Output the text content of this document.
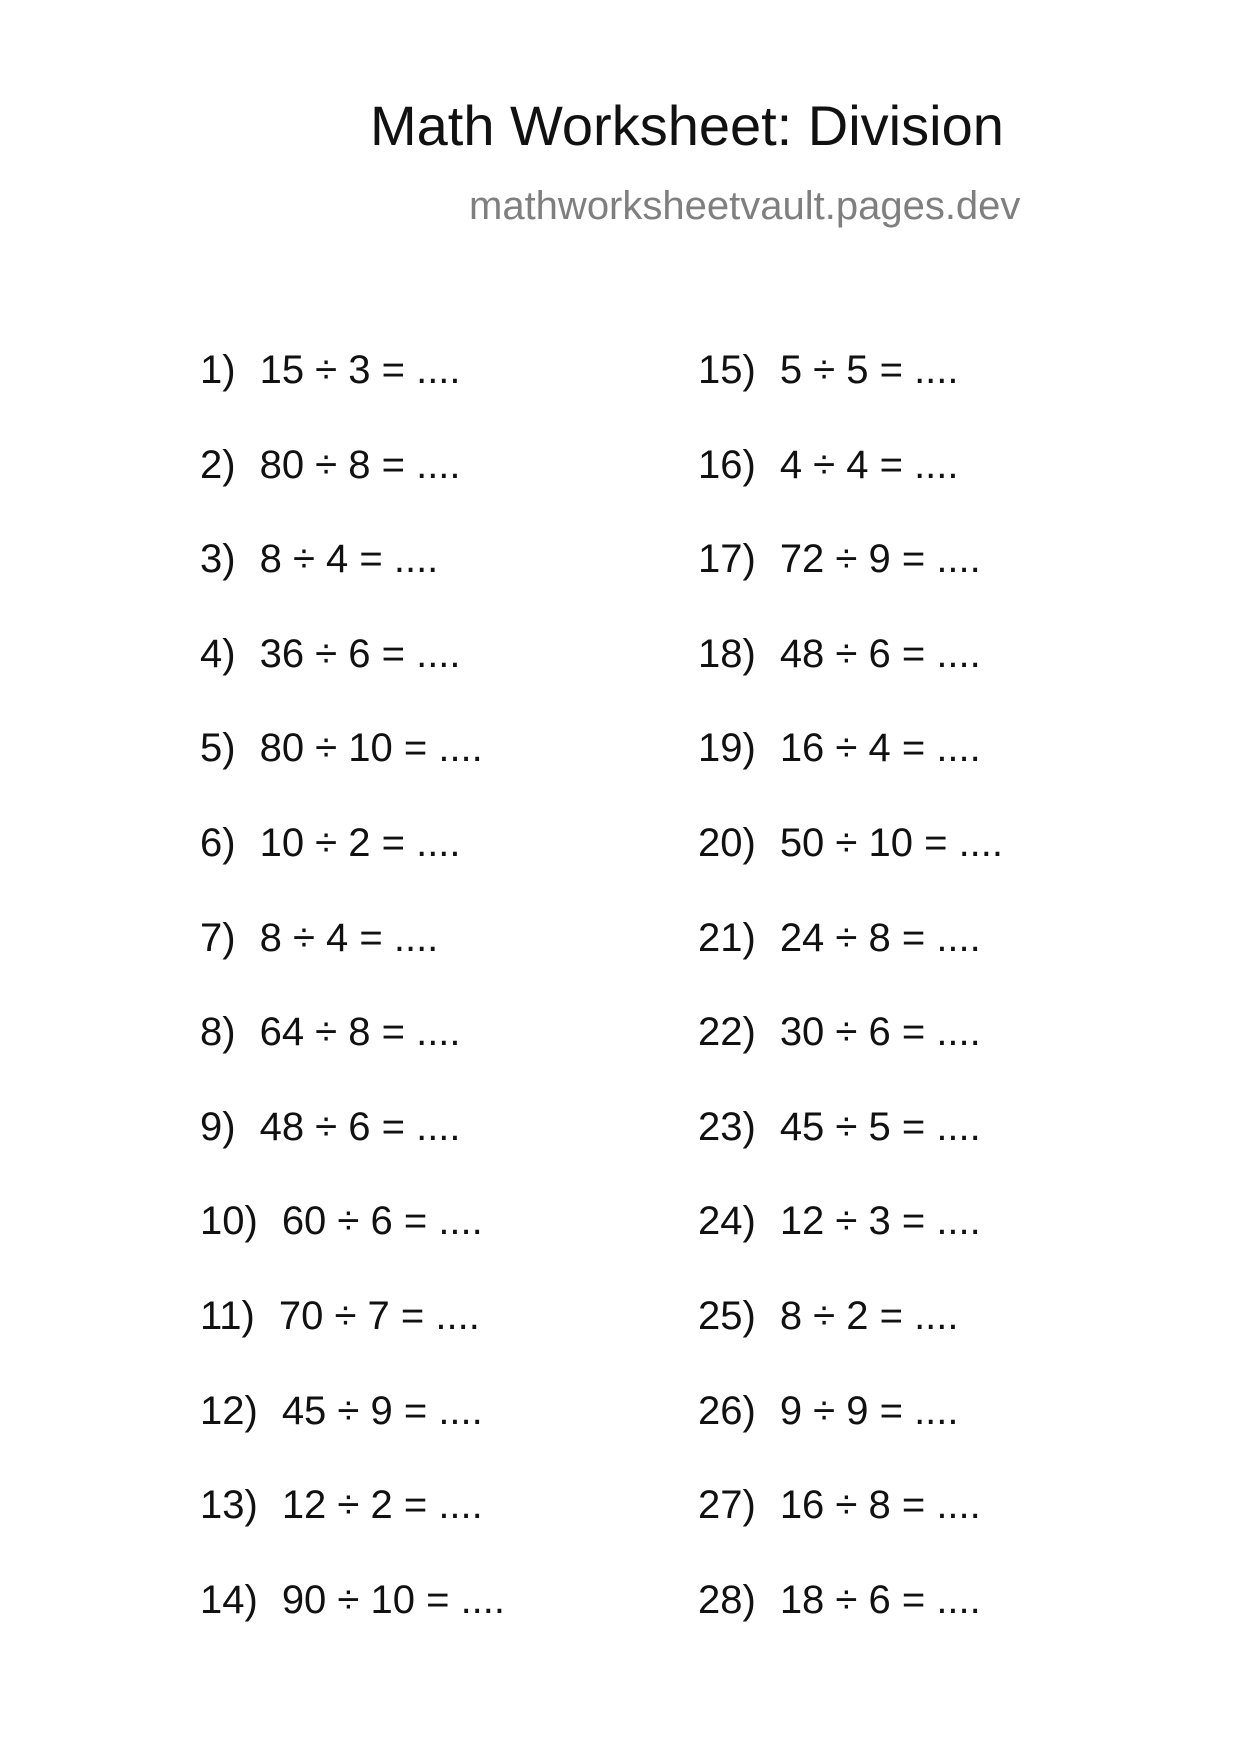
Math Worksheet: Division
mathworksheetvault.pages.dev
1) 15 ÷ 3 = ....
2) 80 ÷ 8 = ....
3) 8 ÷ 4 = ....
4) 36 ÷ 6 = ....
5) 80 ÷ 10 = ....
6) 10 ÷ 2 = ....
7) 8 ÷ 4 = ....
8) 64 ÷ 8 = ....
9) 48 ÷ 6 = ....
10) 60 ÷ 6 = ....
11) 70 ÷ 7 = ....
12) 45 ÷ 9 = ....
13) 12 ÷ 2 = ....
14) 90 ÷ 10 = ....
15) 5 ÷ 5 = ....
16) 4 ÷ 4 = ....
17) 72 ÷ 9 = ....
18) 48 ÷ 6 = ....
19) 16 ÷ 4 = ....
20) 50 ÷ 10 = ....
21) 24 ÷ 8 = ....
22) 30 ÷ 6 = ....
23) 45 ÷ 5 = ....
24) 12 ÷ 3 = ....
25) 8 ÷ 2 = ....
26) 9 ÷ 9 = ....
27) 16 ÷ 8 = ....
28) 18 ÷ 6 = ....
